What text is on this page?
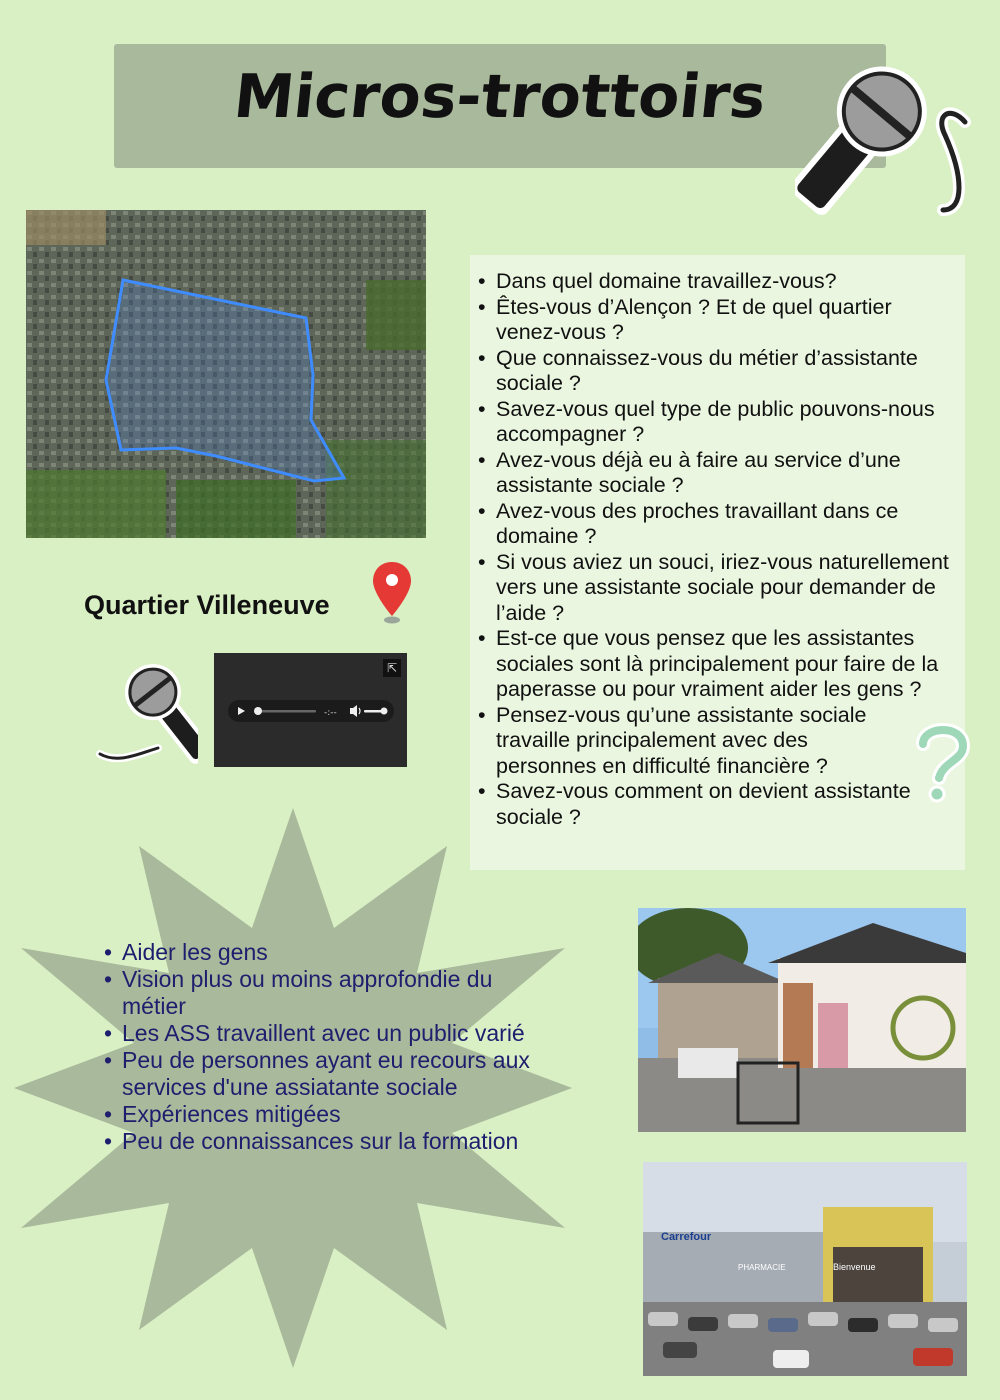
Micros-trottoirs
• Dans quel domaine travaillez-vous?
• Êtes-vous d’Alençon ? Et de quel quartier venez-vous ?
• Que connaissez-vous du métier d’assistante sociale ?
• Savez-vous quel type de public pouvons-nous accompagner ?
• Avez-vous déjà eu à faire au service d’une assistante sociale ?
• Avez-vous des proches travaillant dans ce domaine ?
• Si vous aviez un souci, iriez-vous naturellement vers une assistante sociale pour demander de l’aide ?
• Est-ce que vous pensez que les assistantes sociales sont là principalement pour faire de la paperasse ou pour vraiment aider les gens ?
• Pensez-vous qu’une assistante sociale travaille principalement avec des personnes en difficulté financière ?
• Savez-vous comment on devient assistante sociale ?
Quartier Villeneuve
⇱
-:--
• Aider les gens
• Vision plus ou moins approfondie du métier
• Les ASS travaillent avec un public varié
• Peu de personnes ayant eu recours aux services d'une assiatante sociale
• Expériences mitigées
• Peu de connaissances sur la formation
Carrefour
PHARMACIE	Bienvenue
